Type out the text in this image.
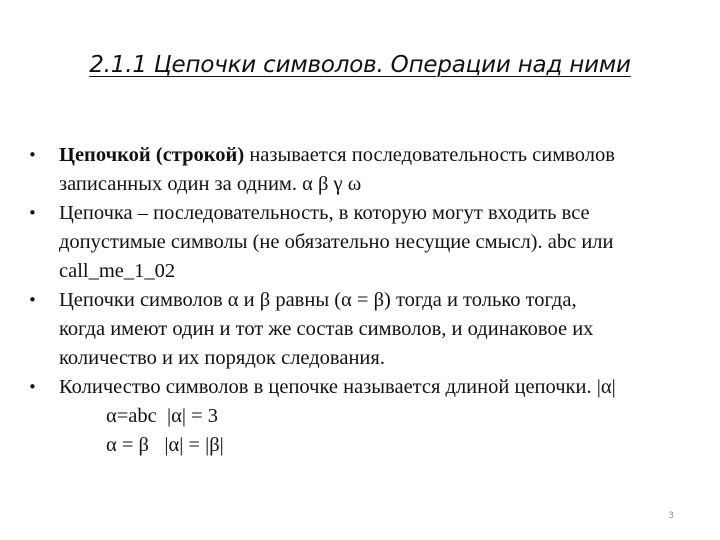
2.1.1 Цепочки символов. Операции над ними
•	Цепочкой (строкой) называется последовательность символов
записанных один за одним. α β γ ω
•	Цепочка – последовательность, в которую могут входить все
допустимые символы (не обязательно несущие смысл). abc или
call_me_1_02
•	Цепочки символов α и β равны (α = β) тогда и только тогда,
когда имеют один и тот же состав символов, и одинаковое их
количество и их порядок следования.
•	Количество символов в цепочке называется длиной цепочки. |α|
α=abc  |α| = 3
α = β   |α| = |β|
3
